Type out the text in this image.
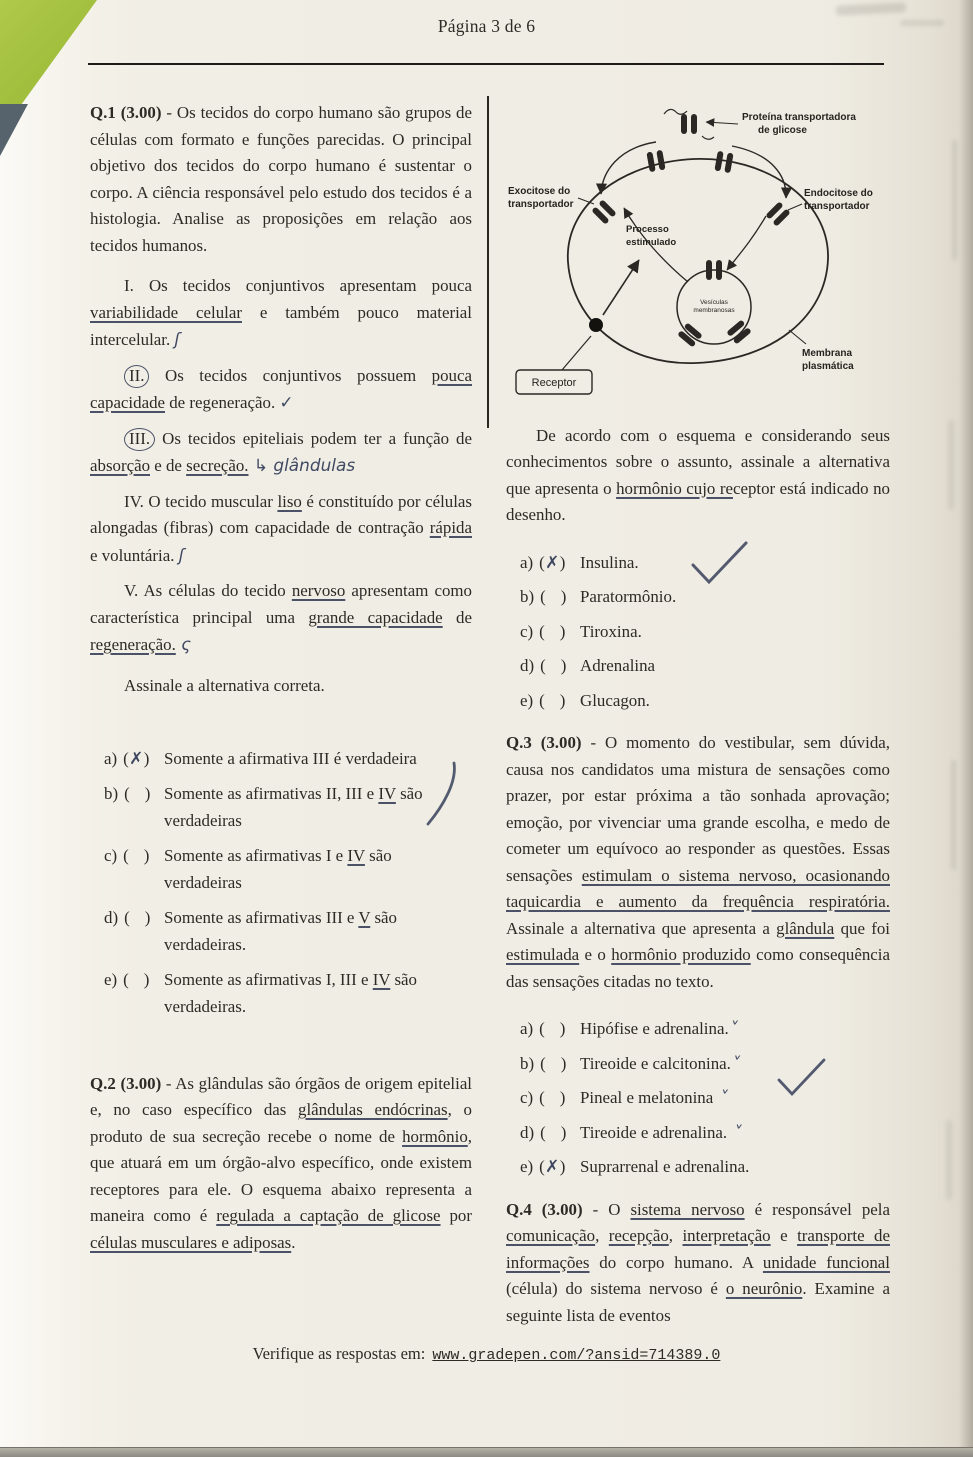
Página 3 de 6

Q.1 (3.00) - Os tecidos do corpo humano são grupos de células com formato e funções parecidas. O principal objetivo dos tecidos do corpo humano é sustentar o corpo. A ciência responsável pelo estudo dos tecidos é a histologia. Analise as proposições em relação aos tecidos humanos.

I. Os tecidos conjuntivos apresentam pouca variabilidade celular e também pouco material intercelular. ʃ

II. Os tecidos conjuntivos possuem pouca capacidade de regeneração. ✓

III. Os tecidos epiteliais podem ter a função de absorção e de secreção. ↳ glândulas

IV. O tecido muscular liso é constituído por células alongadas (fibras) com capacidade de contração rápida e voluntária. ʃ

V. As células do tecido nervoso apresentam como característica principal uma grande capacidade de regeneração. ς

Assinale a alternativa correta.

a) (✗) Somente a afirmativa III é verdadeira
b) ( ) Somente as afirmativas II, III e IV são verdadeiras
c) ( ) Somente as afirmativas I e IV são verdadeiras
d) ( ) Somente as afirmativas III e V são verdadeiras.
e) ( ) Somente as afirmativas I, III e IV são verdadeiras.

Q.2 (3.00) - As glândulas são órgãos de origem epitelial e, no caso específico das glândulas endócrinas, o produto de sua secreção recebe o nome de hormônio, que atuará em um órgão-alvo específico, onde existem receptores para ele. O esquema abaixo representa a maneira como é regulada a captação de glicose por células musculares e adiposas.

Proteína transportadora
de glicose
Exocitose do
transportador
Endocitose do
transportador
Processo
estimulado
Vesículas
membranosas
Membrana
plasmática
Receptor

De acordo com o esquema e considerando seus conhecimentos sobre o assunto, assinale a alternativa que apresenta o hormônio cujo receptor está indicado no desenho.

a) (✗) Insulina.
b) ( ) Paratormônio.
c) ( ) Tiroxina.
d) ( ) Adrenalina
e) ( ) Glucagon.

Q.3 (3.00) - O momento do vestibular, sem dúvida, causa nos candidatos uma mistura de sensações como prazer, por estar próxima a tão sonhada aprovação; emoção, por vivenciar uma grande escolha, e medo de cometer um equívoco ao responder as questões. Essas sensações estimulam o sistema nervoso, ocasionando taquicardia e aumento da frequência respiratória. Assinale a alternativa que apresenta a glândula que foi estimulada e o hormônio produzido como consequência das sensações citadas no texto.

a) ( ) Hipófise e adrenalina.˅
b) ( ) Tireoide e calcitonina.˅
c) ( ) Pineal e melatonina ˅
d) ( ) Tireoide e adrenalina. ˅
e) (✗) Suprarrenal e adrenalina.

Q.4 (3.00) - O sistema nervoso é responsável pela comunicação, recepção, interpretação e transporte de informações do corpo humano. A unidade funcional (célula) do sistema nervoso é o neurônio. Examine a seguinte lista de eventos

Verifique as respostas em: www.gradepen.com/?ansid=714389.0
